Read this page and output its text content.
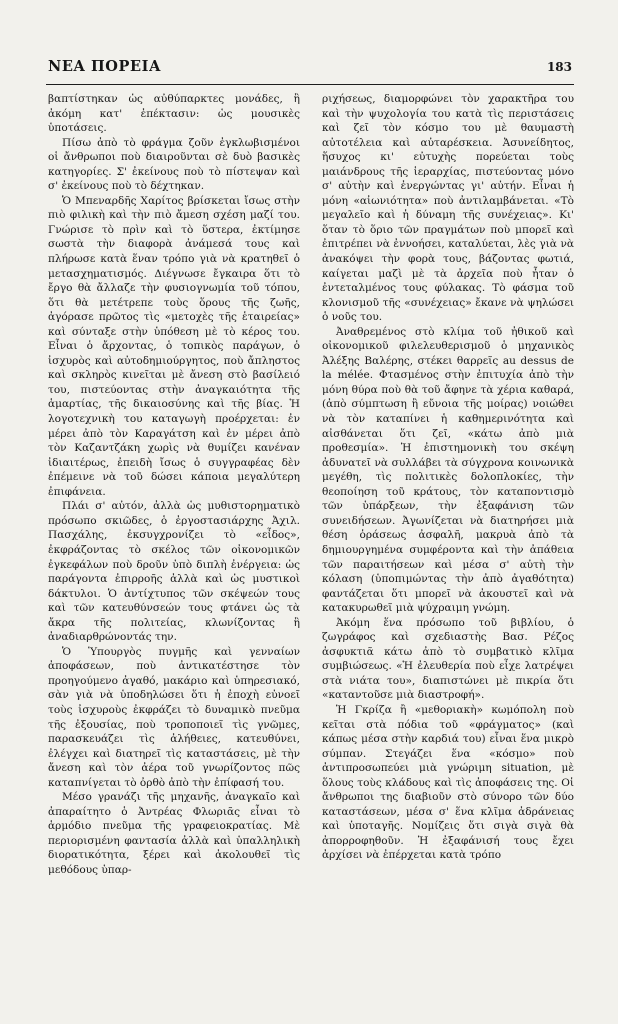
ΝΕΑ ΠΟΡΕΙΑ	183

βαπτίστηκαν ὡς αὐθύπαρκτες μονάδες, ἢ ἀκόμη κατ' ἐπέκτασιν: ὡς μουσικὲς ὑποτάσεις.

Πίσω ἀπὸ τὸ φράγμα ζοῦν ἐγκλωβισμένοι οἱ ἄνθρωποι ποὺ διαιροῦνται σὲ δυὸ βασικὲς κατηγορίες. Σ' ἐκείνους ποὺ τὸ πίστεψαν καὶ σ' ἐκείνους ποὺ τὸ δέχτηκαν.

Ὁ Μπεναρδῆς Χαρίτος βρίσκεται ἴσως στὴν πιὸ φιλικὴ καὶ τὴν πιὸ ἄμεση σχέση μαζί του. Γνώρισε τὸ πρὶν καὶ τὸ ὕστερα, ἐκτίμησε σωστὰ τὴν διαφορὰ ἀνάμεσά τους καὶ πλήρωσε κατὰ ἕναν τρόπο γιὰ νὰ κρατηθεῖ ὁ μετασχηματισμός. Διέγνωσε ἔγκαιρα ὅτι τὸ ἔργο θὰ ἄλλαζε τὴν φυσιογνωμία τοῦ τόπου, ὅτι θὰ μετέτρεπε τοὺς ὅρους τῆς ζωῆς, ἀγόρασε πρῶτος τὶς «μετοχὲς τῆς ἑταιρείας» καὶ σύνταξε στὴν ὑπόθεση μὲ τὸ κέρος του. Εἶναι ὁ ἄρχοντας, ὁ τοπικὸς παράγων, ὁ ἰσχυρὸς καὶ αὐτοδημιούργητος, ποὺ ἄπληστος καὶ σκληρὸς κινεῖται μὲ ἄνεση στὸ βασίλειό του, πιστεύοντας στὴν ἀναγκαιότητα τῆς ἁμαρτίας, τῆς δικαιοσύνης καὶ τῆς βίας. Ἡ λογοτεχνικὴ του καταγωγὴ προέρχεται: ἐν μέρει ἀπὸ τὸν Καραγάτση καὶ ἐν μέρει ἀπὸ τὸν Καζαντζάκη χωρὶς νὰ θυμίζει κανέναν ἰδιαιτέρως, ἐπειδὴ ἴσως ὁ συγγραφέας δὲν ἐπέμεινε νὰ τοῦ δώσει κάποια μεγαλύτερη ἐπιφάνεια.

Πλάι σ' αὐτόν, ἀλλὰ ὡς μυθιστορηματικὸ πρόσωπο σκιῶδες, ὁ ἐργοστασιάρχης Ἀχιλ. Πασχάλης, ἐκσυγχρονίζει τὸ «εἶδος», ἐκφράζοντας τὸ σκέλος τῶν οἰκονομικῶν ἐγκεφάλων ποὺ δροῦν ὑπὸ διπλὴ ἐνέργεια: ὡς παράγοντα ἐπιρροῆς ἀλλὰ καὶ ὡς μυστικοὶ δάκτυλοι. Ὁ ἀντίχτυπος τῶν σκέψεών τους καὶ τῶν κατευθύνσεών τους φτάνει ὡς τὰ ἄκρα τῆς πολιτείας, κλωνίζοντας ἢ ἀναδιαρθρώνοντάς την.

Ὁ Ὑπουργὸς πυγμῆς καὶ γενναίων ἀποφάσεων, ποὺ ἀντικατέστησε τὸν προηγούμενο ἀγαθό, μακάριο καὶ ὑπηρεσιακό, σὰν γιὰ νὰ ὑποδηλώσει ὅτι ἡ ἐποχὴ εὐνοεῖ τοὺς ἰσχυροὺς ἐκφράζει τὸ δυναμικὸ πνεῦμα τῆς ἐξουσίας, ποὺ τροποποιεῖ τὶς γνῶμες, παρασκευάζει τὶς ἀλήθειες, κατευθύνει, ἐλέγχει καὶ διατηρεῖ τὶς καταστάσεις, μὲ τὴν ἄνεση καὶ τὸν ἀέρα τοῦ γνωρίζοντος πῶς καταπνίγεται τὸ ὀρθὸ ἀπὸ τὴν ἐπίφασή του.

Μέσο γρανάζι τῆς μηχανῆς, ἀναγκαῖο καὶ ἀπαραίτητο ὁ Ἀντρέας Φλωριᾶς εἶναι τὸ ἁρμόδιο πνεῦμα τῆς γραφειοκρατίας. Μὲ περιορισμένη φαντασία ἀλλὰ καὶ ὑπαλληλικὴ διορατικότητα, ξέρει καὶ ἀκολουθεῖ τὶς μεθόδους ὑπαρ-

ριχήσεως, διαμορφώνει τὸν χαρακτῆρα του καὶ τὴν ψυχολογία του κατὰ τὶς περιστάσεις καὶ ζεῖ τὸν κόσμο του μὲ θαυμαστὴ αὐτοτέλεια καὶ αὐταρέσκεια. Ἀσυνείδητος, ἥσυχος κι' εὐτυχὴς πορεύεται τοὺς μαιάνδρους τῆς ἱεραρχίας, πιστεύοντας μόνο σ' αὐτὴν καὶ ἐνεργώντας γι' αὐτήν. Εἶναι ἡ μόνη «αἰωνιότητα» ποὺ ἀντιλαμβάνεται. «Τὸ μεγαλεῖο καὶ ἡ δύναμη τῆς συνέχειας». Κι' ὅταν τὸ ὅριο τῶν πραγμάτων ποὺ μπορεῖ καὶ ἐπιτρέπει νὰ ἐννοήσει, καταλύεται, λὲς γιὰ νὰ ἀνακόψει τὴν φορὰ τους, βάζοντας φωτιά, καίγεται μαζὶ μὲ τὰ ἀρχεῖα ποὺ ἦταν ὁ ἐντεταλμένος τους φύλακας. Τὸ φάσμα τοῦ κλονισμοῦ τῆς «συνέχειας» ἔκανε νὰ ψηλώσει ὁ νοῦς του.

Ἀναθρεμένος στὸ κλίμα τοῦ ἠθικοῦ καὶ οἰκονομικοῦ φιλελευθερισμοῦ ὁ μηχανικὸς Ἀλέξης Βαλέρης, στέκει θαρρεῖς au dessus de la mélée. Φτασμένος στὴν ἐπιτυχία ἀπὸ τὴν μόνη θύρα ποὺ θὰ τοῦ ἄφηνε τὰ χέρια καθαρά, (ἀπὸ σύμπτωση ἢ εὔνοια τῆς μοίρας) νοιώθει νὰ τὸν καταπίνει ἡ καθημερινότητα καὶ αἰσθάνεται ὅτι ζεῖ, «κάτω ἀπὸ μιὰ προθεσμία». Ἡ ἐπιστημονικὴ του σκέψη ἀδυνατεῖ νὰ συλλάβει τὰ σύγχρονα κοινωνικὰ μεγέθη, τὶς πολιτικὲς δολοπλοκίες, τὴν θεοποίηση τοῦ κράτους, τὸν καταποντισμὸ τῶν ὑπάρξεων, τὴν ἐξαφάνιση τῶν συνειδήσεων. Ἀγωνίζεται νὰ διατηρήσει μιὰ θέση ὁράσεως ἀσφαλῆ, μακρυὰ ἀπὸ τὰ δημιουργημένα συμφέροντα καὶ τὴν ἀπάθεια τῶν παραιτήσεων καὶ μέσα σ' αὐτὴ τὴν κόλαση (ὑποπιμώντας τὴν ἀπὸ ἀγαθότητα) φαντάζεται ὅτι μπορεῖ νὰ ἀκουστεῖ καὶ νὰ κατακυρωθεῖ μιὰ ψύχραιμη γνώμη.

Ἀκόμη ἕνα πρόσωπο τοῦ βιβλίου, ὁ ζωγράφος καὶ σχεδιαστὴς Βασ. Ρέζος ἀσφυκτιᾶ κάτω ἀπὸ τὸ συμβατικὸ κλῖμα συμβιώσεως. «Ἡ ἐλευθερία ποὺ εἶχε λατρέψει στὰ νιάτα του», διαπιστώνει μὲ πικρία ὅτι «καταντοῦσε μιὰ διαστροφή».

Ἡ Γκρίζα ἢ «μεθοριακὴ» κωμόπολη ποὺ κεῖται στὰ πόδια τοῦ «φράγματος» (καὶ κάπως μέσα στὴν καρδιά του) εἶναι ἕνα μικρὸ σύμπαν. Στεγάζει ἕνα «κόσμο» ποὺ ἀντιπροσωπεύει μιὰ γνώριμη situation, μὲ ὅλους τοὺς κλάδους καὶ τὶς ἀποφάσεις της. Οἱ ἄνθρωποι της διαβιοῦν στὸ σύνορο τῶν δύο καταστάσεων, μέσα σ' ἕνα κλῖμα ἀδράνειας καὶ ὑποταγῆς. Νομίζεις ὅτι σιγὰ σιγὰ θὰ ἀπορροφηθοῦν. Ἡ ἐξαφάνισή τους ἔχει ἀρχίσει νὰ ἐπέρχεται κατὰ τρόπο
